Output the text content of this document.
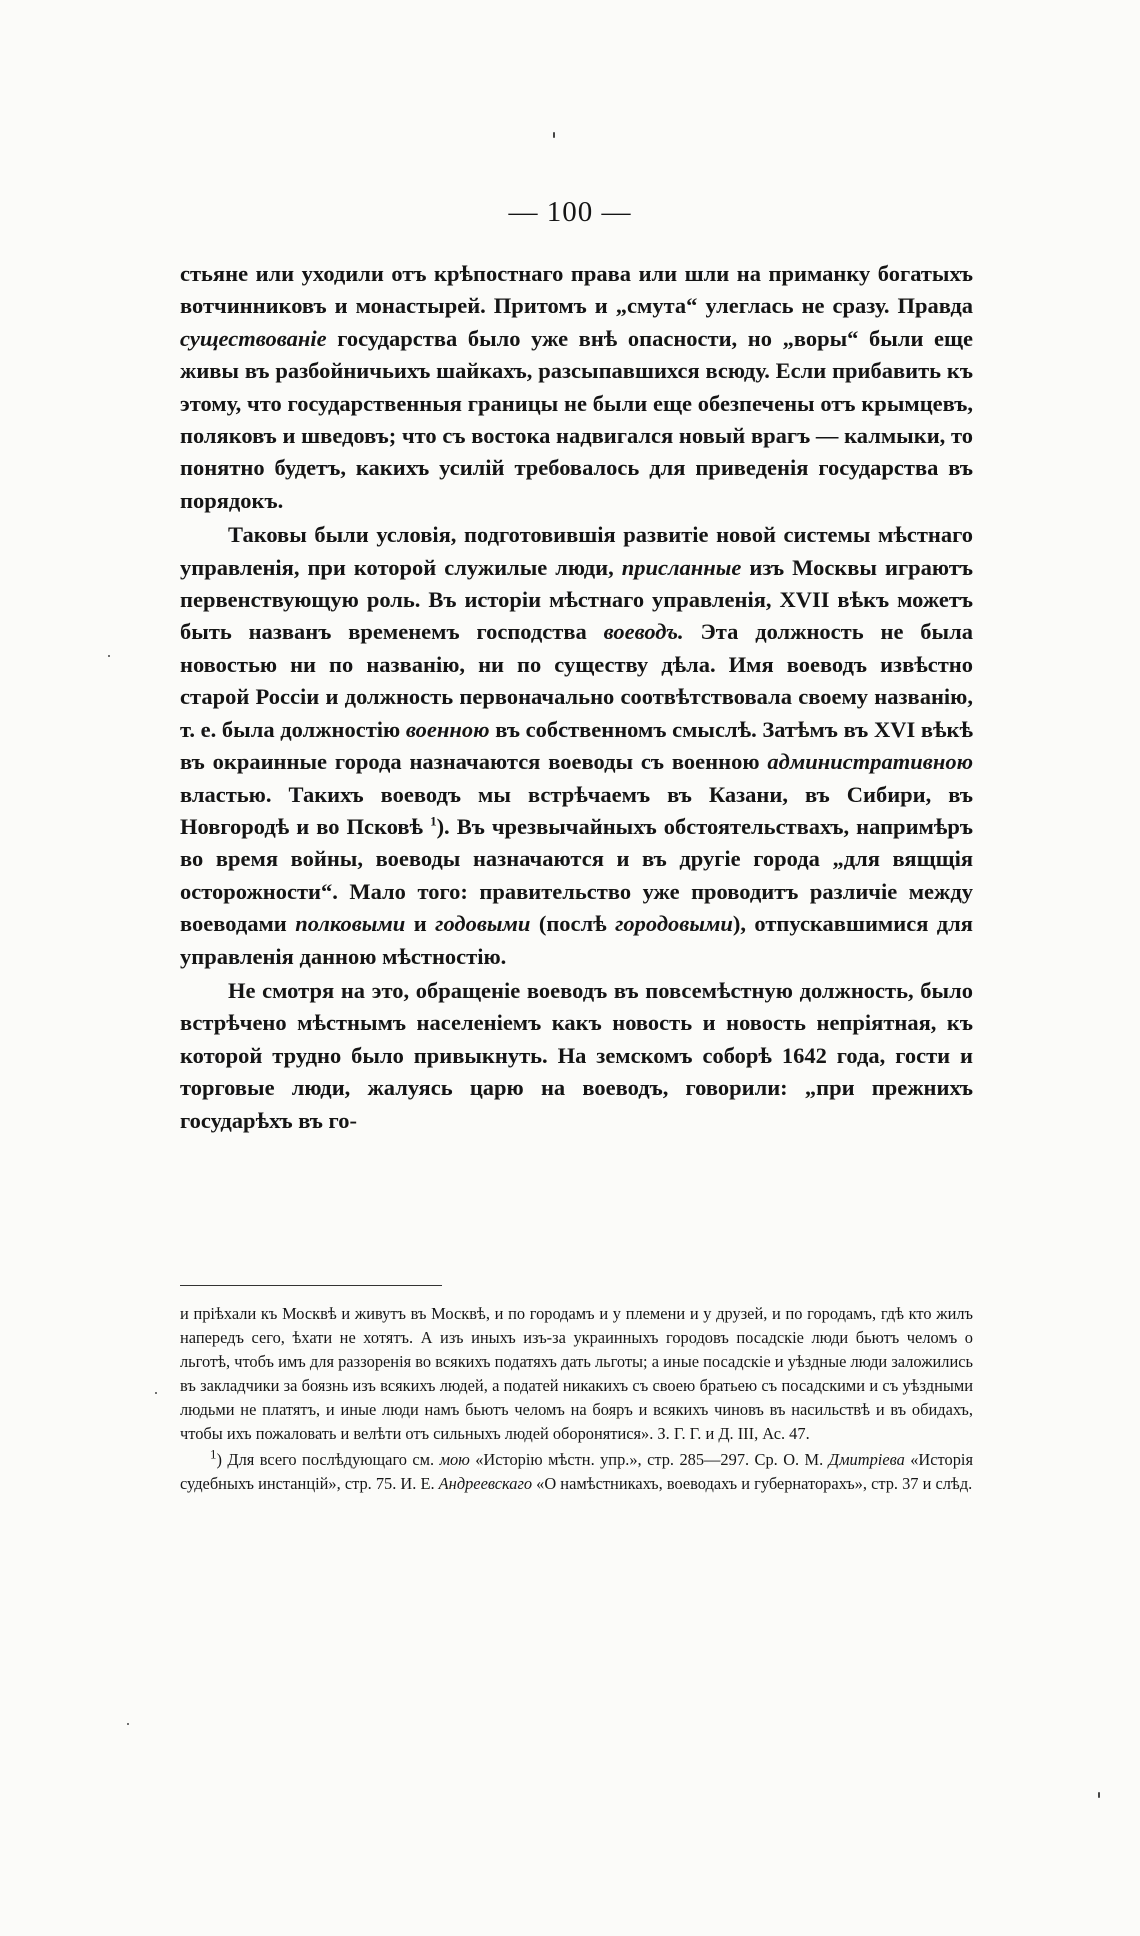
— 100 —

стьяне или уходили отъ крѣпостнаго права или шли на приманку богатыхъ вотчинниковъ и монастырей. Притомъ и „смута“ улеглась не сразу. Правда существованіе государства было уже внѣ опасности, но „воры“ были еще живы въ разбойничьихъ шайкахъ, разсыпавшихся всюду. Если прибавить къ этому, что государственныя границы не были еще обезпечены отъ крымцевъ, поляковъ и шведовъ; что съ востока надвигался новый врагъ — калмыки, то понятно будетъ, какихъ усилій требовалось для приведенія государства въ порядокъ.

Таковы были условія, подготовившія развитіе новой системы мѣстнаго управленія, при которой служилые люди, присланные изъ Москвы играютъ первенствующую роль. Въ исторіи мѣстнаго управленія, XVII вѣкъ можетъ быть названъ временемъ господства воеводъ. Эта должность не была новостью ни по названію, ни по существу дѣла. Имя воеводъ извѣстно старой Россіи и должность первоначально соотвѣтствовала своему названію, т. е. была должностію военною въ собственномъ смыслѣ. Затѣмъ въ XVI вѣкѣ въ окраинные города назначаются воеводы съ военною административною властью. Такихъ воеводъ мы встрѣчаемъ въ Казани, въ Сибири, въ Новгородѣ и во Псковѣ $^1$). Въ чрезвычайныхъ обстоятельствахъ, напримѣръ во время войны, воеводы назначаются и въ другіе города „для вящщія осторожности“. Мало того: правительство уже проводитъ различіе между воеводами полковыми и годовыми (послѣ городовыми), отпускавшимися для управленія данною мѣстностію.

Не смотря на это, обращеніе воеводъ въ повсемѣстную должность, было встрѣчено мѣстнымъ населеніемъ какъ новость и новость непріятная, къ которой трудно было привыкнуть. На земскомъ соборѣ 1642 года, гости и торговые люди, жалуясь царю на воеводъ, говорили: „при прежнихъ государѣхъ въ го-

и пріѣхали къ Москвѣ и живутъ въ Москвѣ, и по городамъ и у племени и у друзей, и по городамъ, гдѣ кто жилъ напередъ сего, ѣхати не хотятъ. А изъ иныхъ изъ-за украинныхъ городовъ посадскіе люди бьютъ челомъ о льготѣ, чтобъ имъ для раззоренія во всякихъ податяхъ дать льготы; а иные посадскіе и уѣздные люди заложились въ закладчики за боязнь изъ всякихъ людей, а податей никакихъ съ своею братьею съ посадскими и съ уѣздными людьми не платятъ, и иные люди намъ бьютъ челомъ на бояръ и всякихъ чиновъ въ насильствѣ и въ обидахъ, чтобы ихъ пожаловать и велѣти отъ сильныхъ людей оборонятися». З. Г. Г. и Д. III, Ас. 47.

$^1$) Для всего послѣдующаго см. мою «Исторію мѣстн. упр.», стр. 285—297. Ср. О. М. Дмитріева «Исторія судебныхъ инстанцій», стр. 75. И. Е. Андреевскаго «О намѣстникахъ, воеводахъ и губернаторахъ», стр. 37 и слѣд.
